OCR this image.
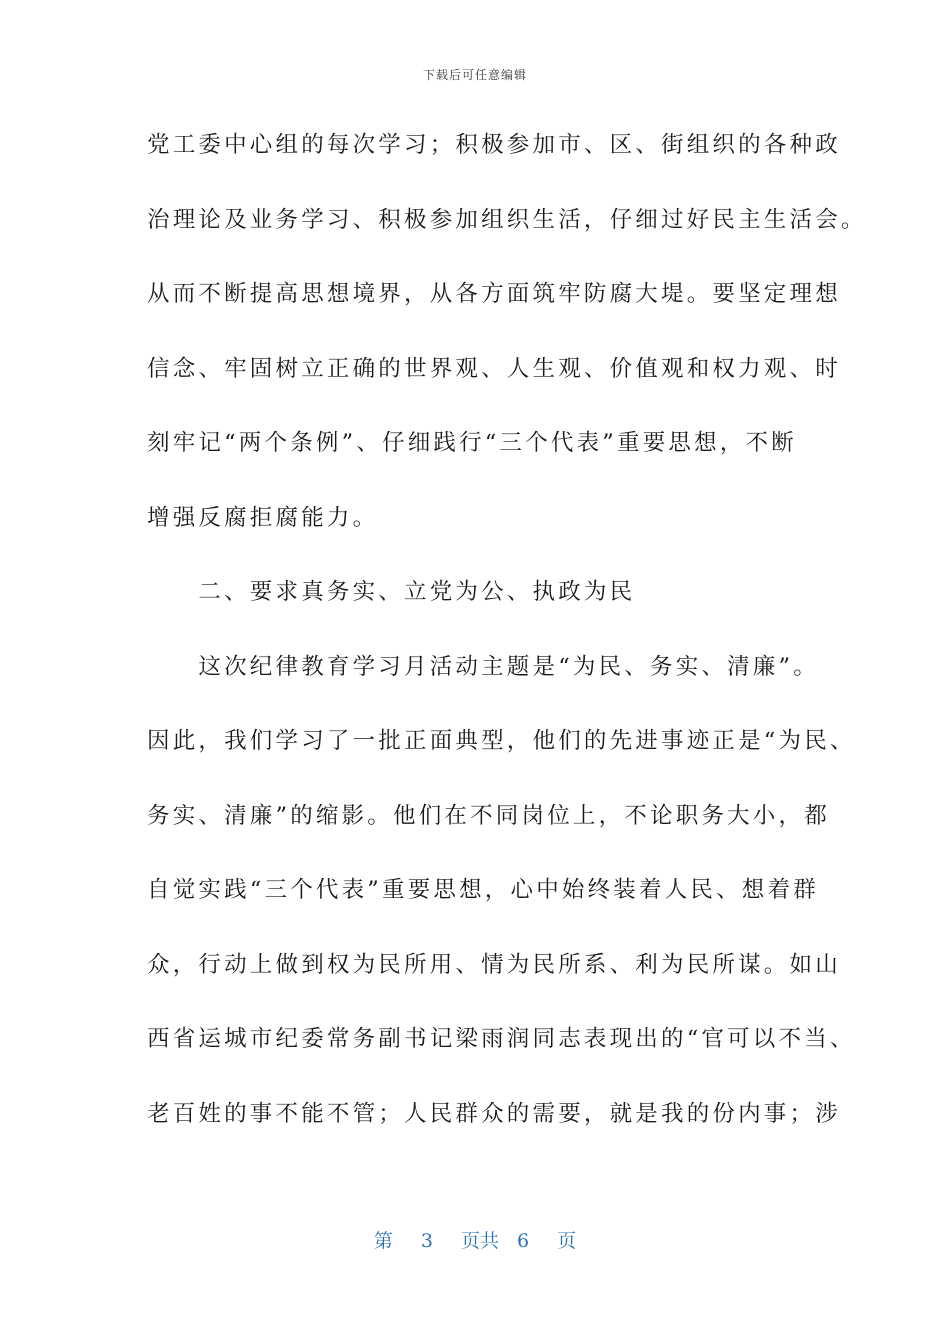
下载后可任意编辑
党工委中心组的每次学习；积极参加市、区、街组织的各种政
治理论及业务学习、积极参加组织生活，仔细过好民主生活会。
从而不断提高思想境界，从各方面筑牢防腐大堤。要坚定理想
信念、牢固树立正确的世界观、人生观、价值观和权力观、时
刻牢记“两个条例”、仔细践行“三个代表”重要思想，不断
增强反腐拒腐能力。
　　二、要求真务实、立党为公、执政为民
　　这次纪律教育学习月活动主题是“为民、务实、清廉”。
因此，我们学习了一批正面典型，他们的先进事迹正是“为民、
务实、清廉”的缩影。他们在不同岗位上，不论职务大小，都
自觉实践“三个代表”重要思想，心中始终装着人民、想着群
众，行动上做到权为民所用、情为民所系、利为民所谋。如山
西省运城市纪委常务副书记梁雨润同志表现出的“官可以不当、
老百姓的事不能不管；人民群众的需要，就是我的份内事；涉
第 3 页共 6 页
